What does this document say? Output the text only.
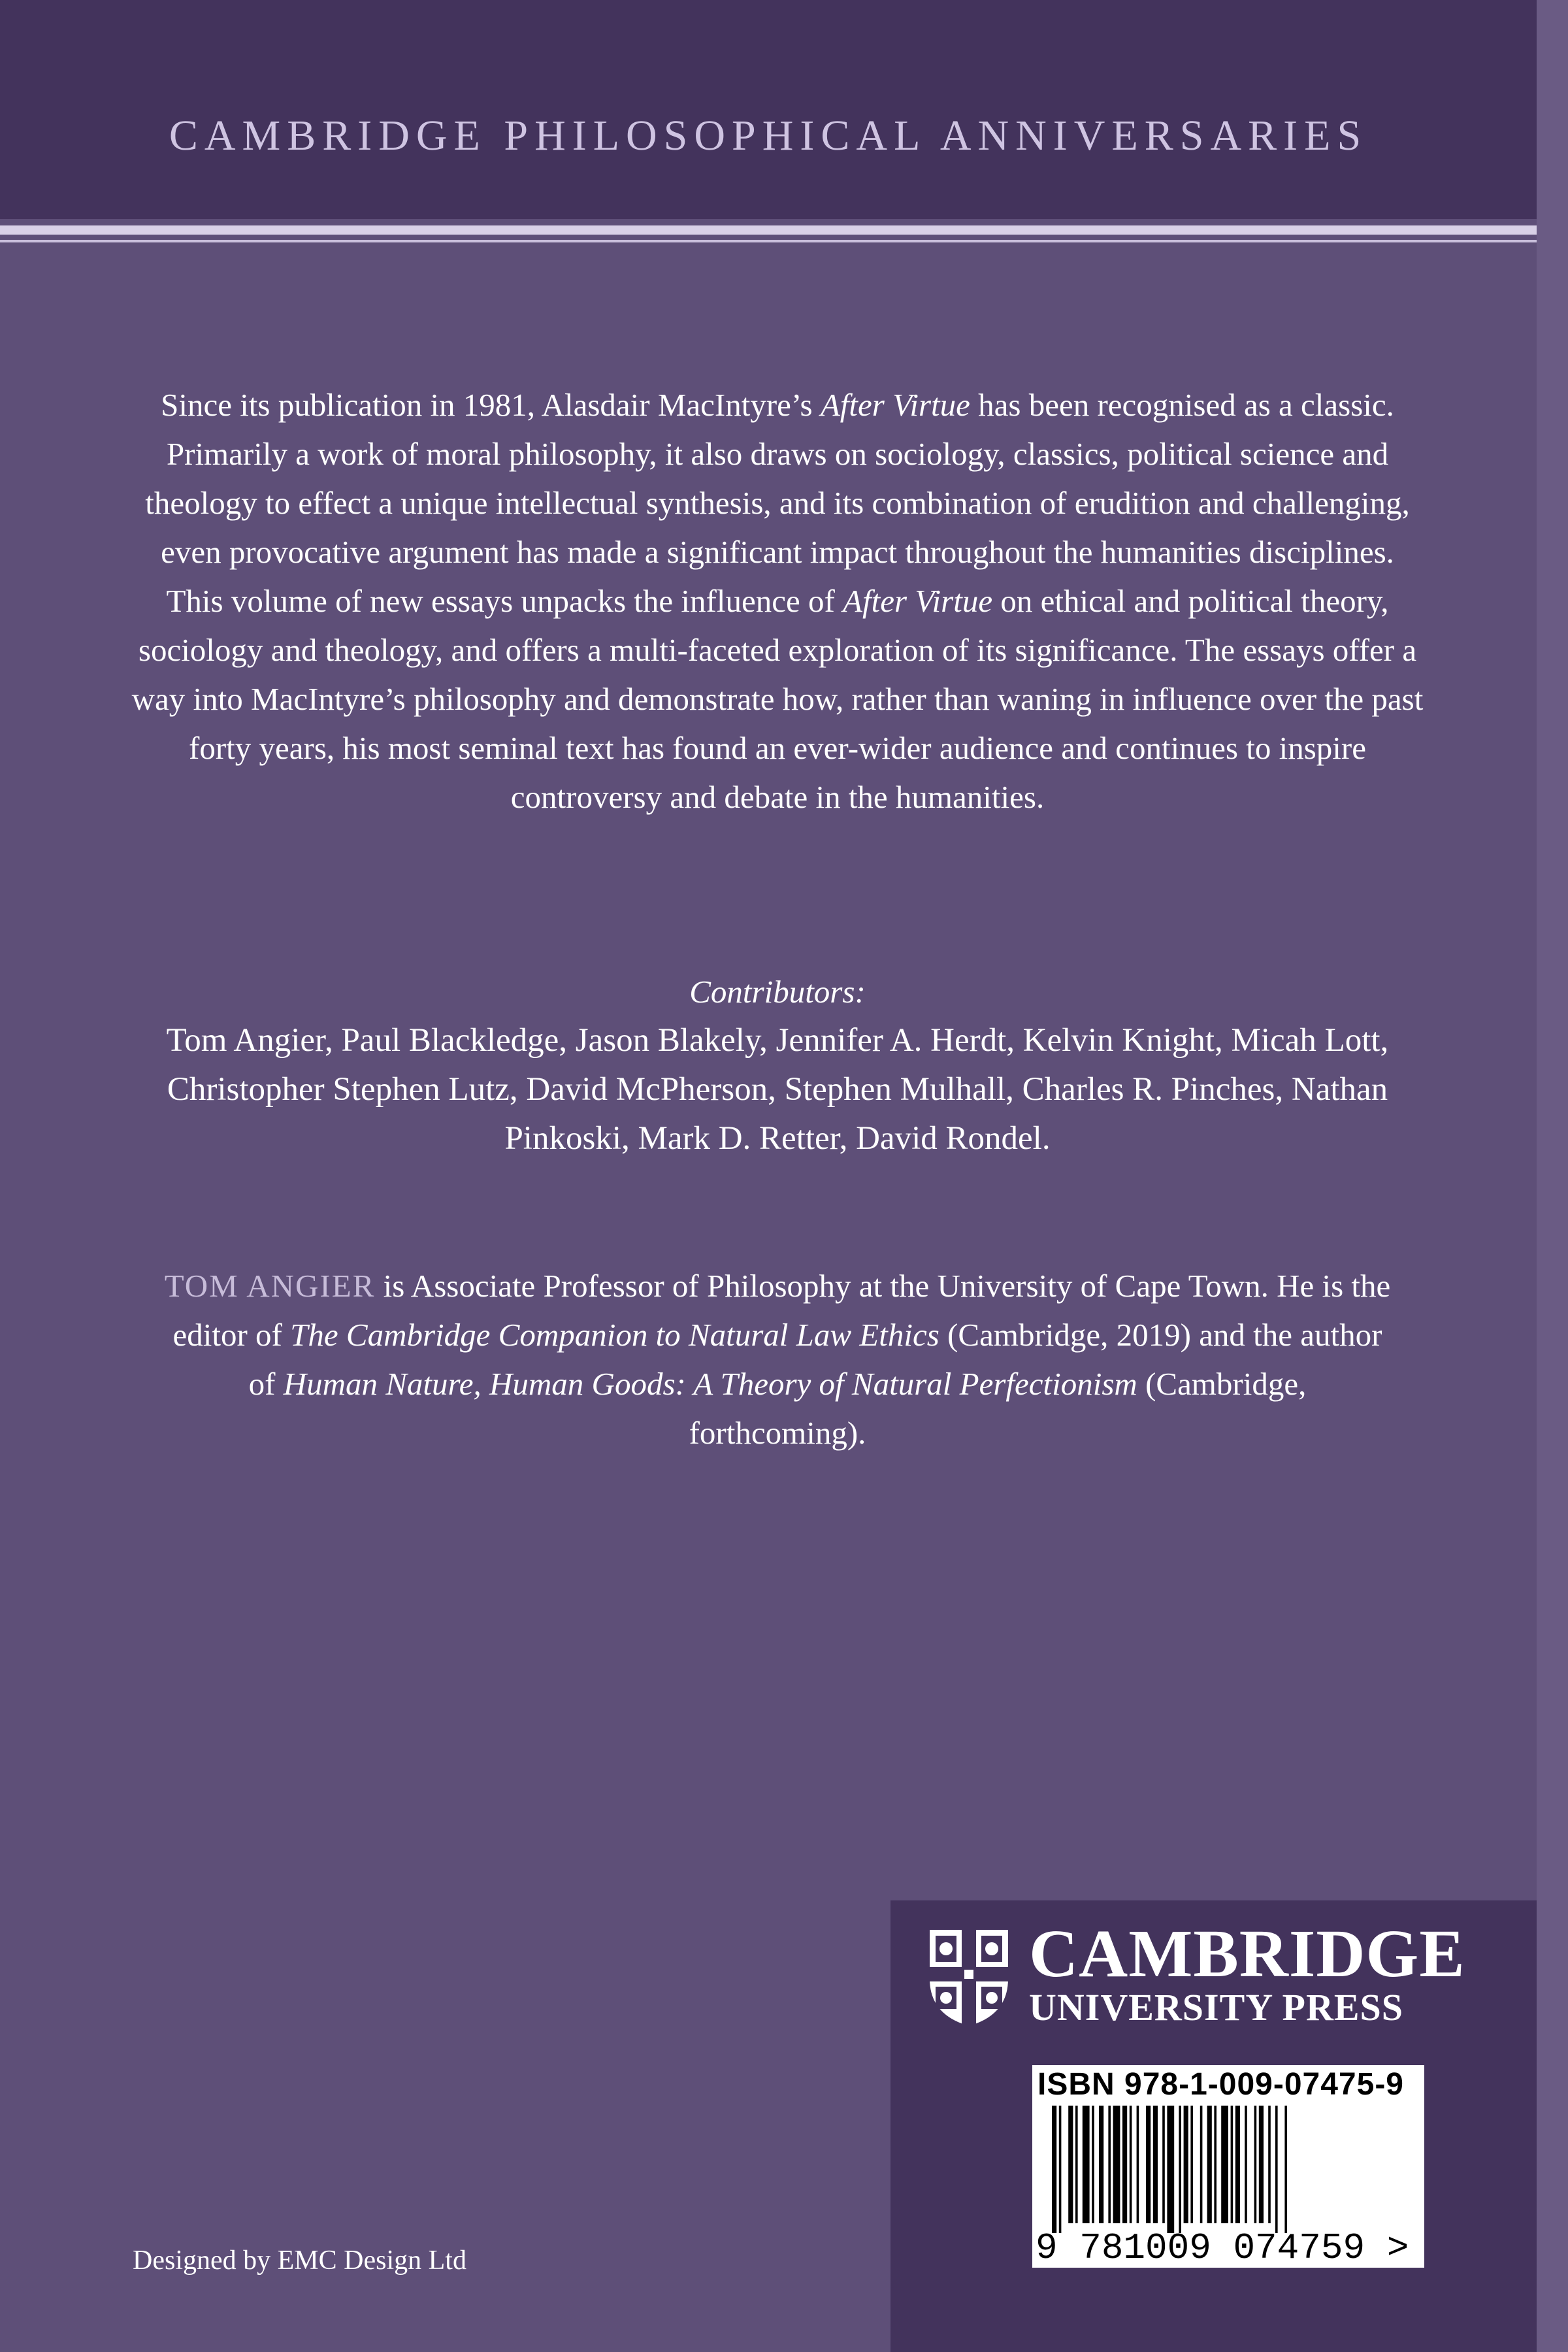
CAMBRIDGE PHILOSOPHICAL ANNIVERSARIES
Since its publication in 1981, Alasdair MacIntyre’s After Virtue has been recognised as a classic. Primarily a work of moral philosophy, it also draws on sociology, classics, political science and theology to effect a unique intellectual synthesis, and its combination of erudition and challenging, even provocative argument has made a significant impact throughout the humanities disciplines. This volume of new essays unpacks the influence of After Virtue on ethical and political theory, sociology and theology, and offers a multi-faceted exploration of its significance. The essays offer a way into MacIntyre’s philosophy and demonstrate how, rather than waning in influence over the past forty years, his most seminal text has found an ever-wider audience and continues to inspire controversy and debate in the humanities.
Contributors:
Tom Angier, Paul Blackledge, Jason Blakely, Jennifer A. Herdt, Kelvin Knight, Micah Lott, Christopher Stephen Lutz, David McPherson, Stephen Mulhall, Charles R. Pinches, Nathan Pinkoski, Mark D. Retter, David Rondel.
TOM ANGIER is Associate Professor of Philosophy at the University of Cape Town. He is the editor of The Cambridge Companion to Natural Law Ethics (Cambridge, 2019) and the author of Human Nature, Human Goods: A Theory of Natural Perfectionism (Cambridge, forthcoming).
Designed by EMC Design Ltd
CAMBRIDGE
UNIVERSITY PRESS
ISBN 978-1-009-07475-9
9 781009 074759 >
